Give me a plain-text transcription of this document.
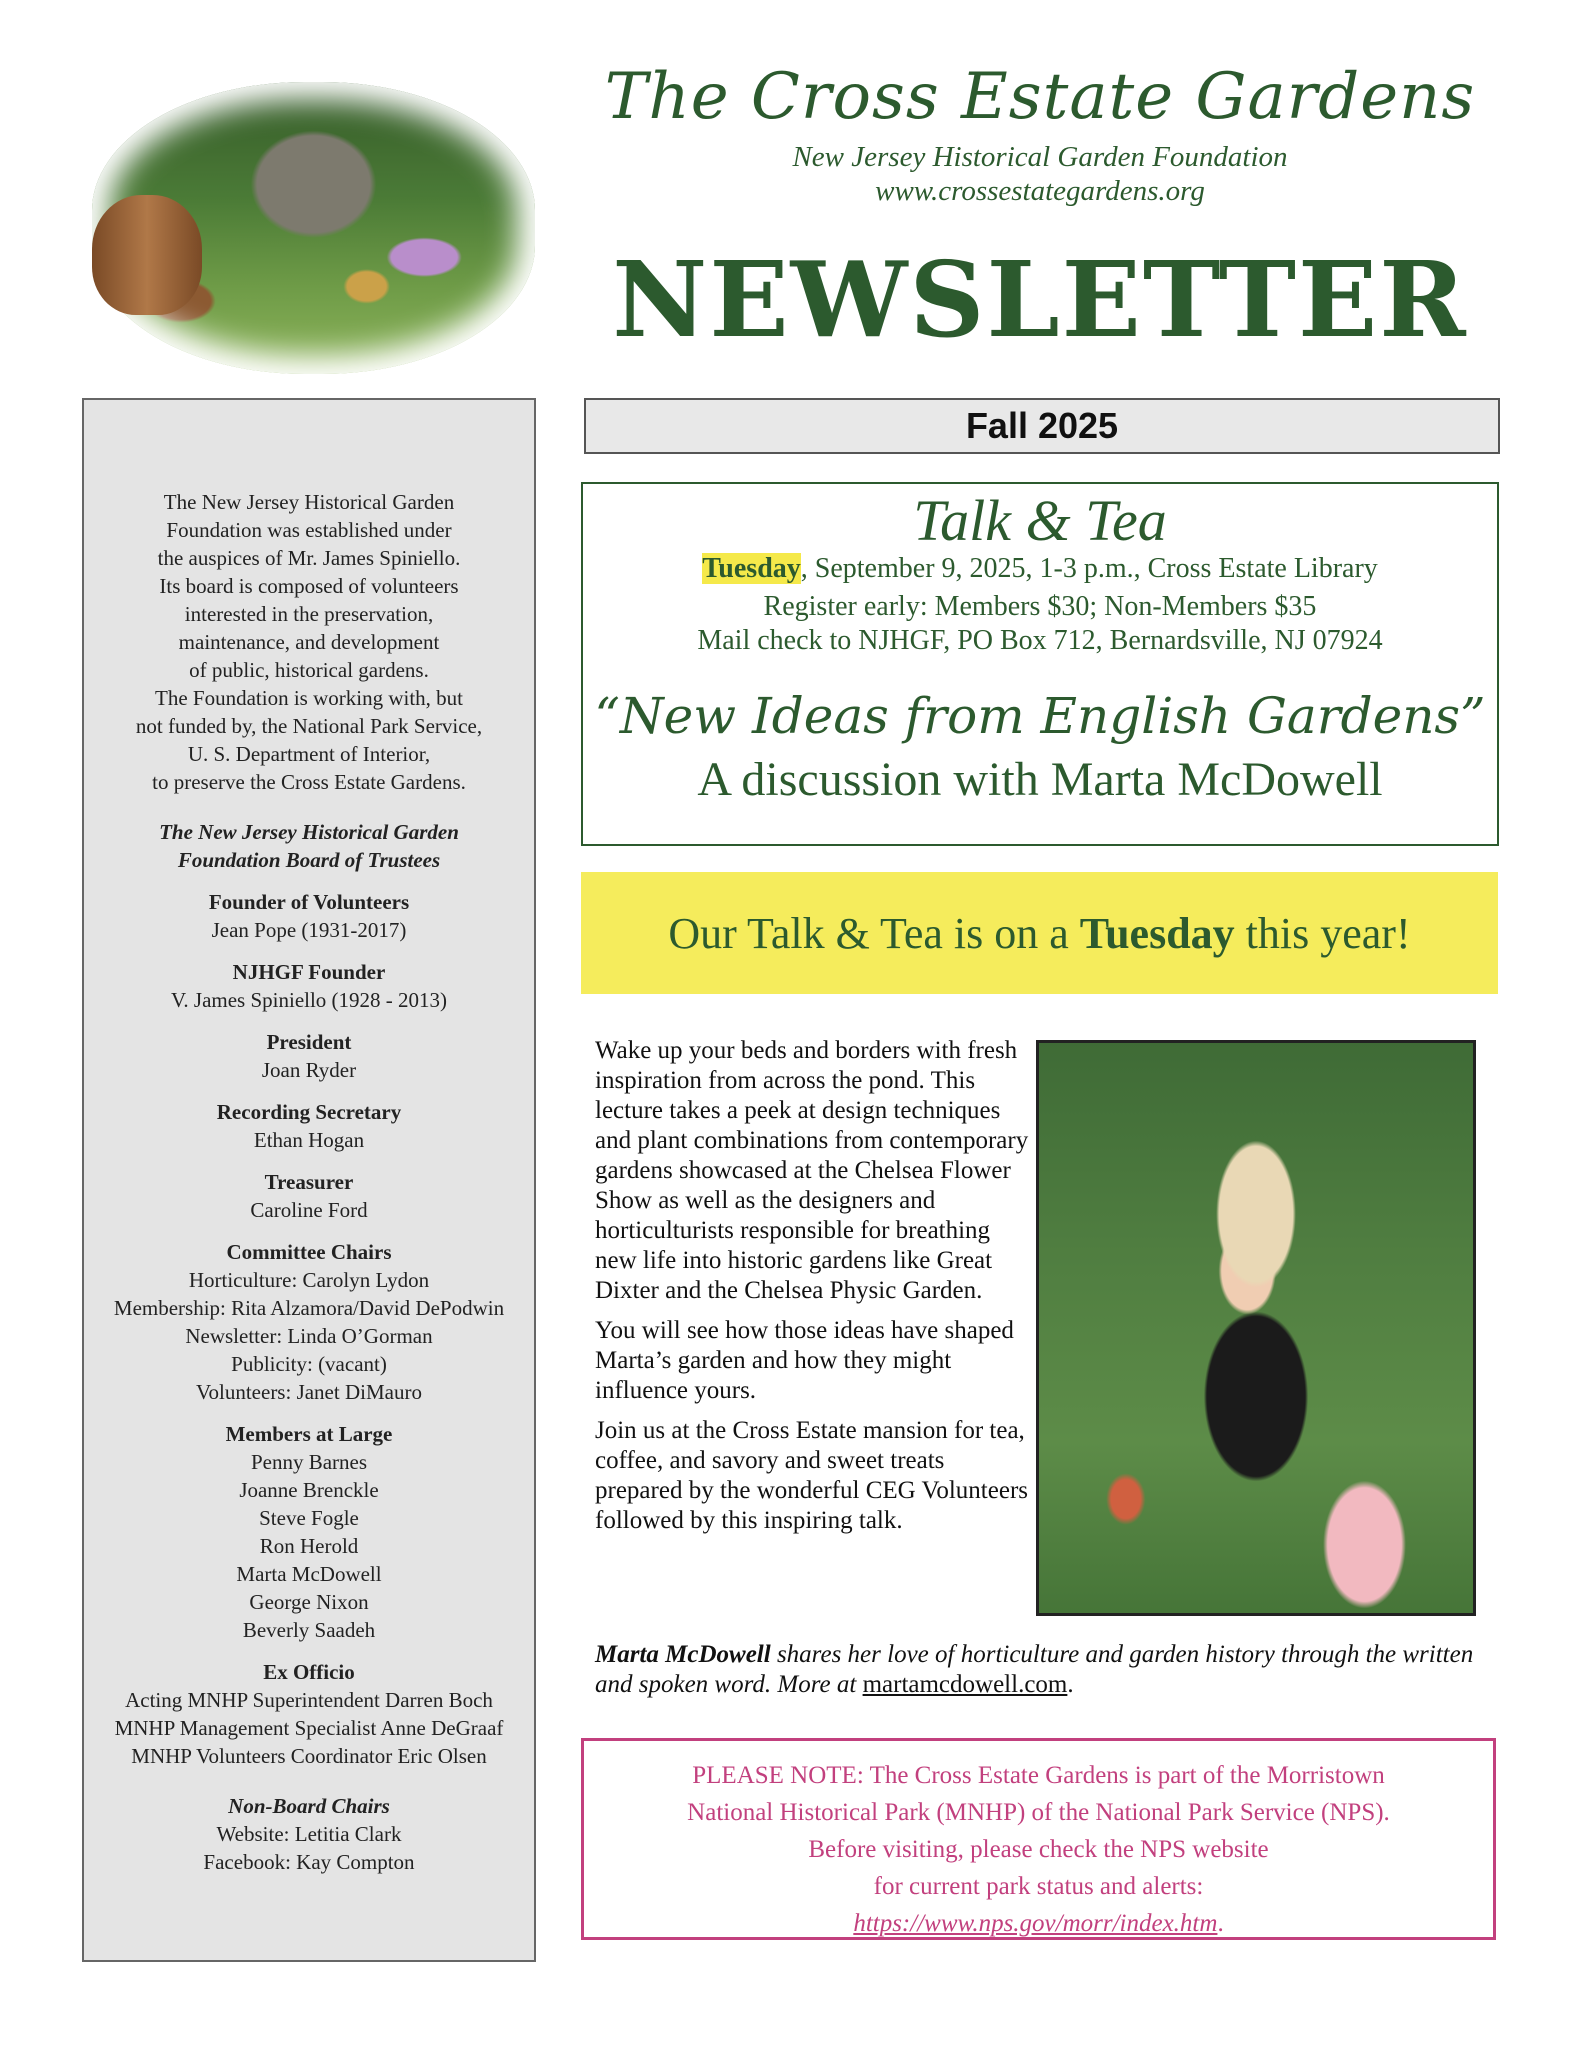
The Cross Estate Gardens
New Jersey Historical Garden Foundation
www.crossestategardens.org
NEWSLETTER
Fall 2025
The New Jersey Historical Garden
Foundation was established under
the auspices of Mr. James Spiniello.
Its board is composed of volunteers
interested in the preservation,
maintenance, and development
of public, historical gardens.
The Foundation is working with, but
not funded by, the National Park Service,
U. S. Department of Interior,
to preserve the Cross Estate Gardens.
The New Jersey Historical Garden
Foundation Board of Trustees
Founder of Volunteers
Jean Pope (1931-2017)
NJHGF Founder
V. James Spiniello (1928 - 2013)
President
Joan Ryder
Recording Secretary
Ethan Hogan
Treasurer
Caroline Ford
Committee Chairs
Horticulture: Carolyn Lydon
Membership: Rita Alzamora/David DePodwin
Newsletter: Linda O’Gorman
Publicity: (vacant)
Volunteers: Janet DiMauro
Members at Large
Penny Barnes
Joanne Brenckle
Steve Fogle
Ron Herold
Marta McDowell
George Nixon
Beverly Saadeh
Ex Officio
Acting MNHP Superintendent Darren Boch
MNHP Management Specialist Anne DeGraaf
MNHP Volunteers Coordinator Eric Olsen
Non-Board Chairs
Website: Letitia Clark
Facebook: Kay Compton
Talk & Tea
Tuesday, September 9, 2025, 1-3 p.m., Cross Estate Library
Register early: Members $30; Non-Members $35
Mail check to NJHGF, PO Box 712, Bernardsville, NJ 07924
“New Ideas from English Gardens”
A discussion with Marta McDowell
Our Talk & Tea is on a Tuesday this year!

Wake up your beds and borders with fresh inspiration from across the pond. This lecture takes a peek at design techniques and plant combinations from contemporary gardens showcased at the Chelsea Flower Show as well as the designers and horticulturists responsible for breathing new life into historic gardens like Great Dixter and the Chelsea Physic Garden.

You will see how those ideas have shaped Marta’s garden and how they might influence yours.

Join us at the Cross Estate mansion for tea, coffee, and savory and sweet treats prepared by the wonderful CEG Volunteers followed by this inspiring talk.

Marta McDowell shares her love of horticulture and garden history through the written and spoken word. More at martamcdowell.com.
PLEASE NOTE: The Cross Estate Gardens is part of the Morristown
National Historical Park (MNHP) of the National Park Service (NPS).
Before visiting, please check the NPS website
for current park status and alerts:
https://www.nps.gov/morr/index.htm.
